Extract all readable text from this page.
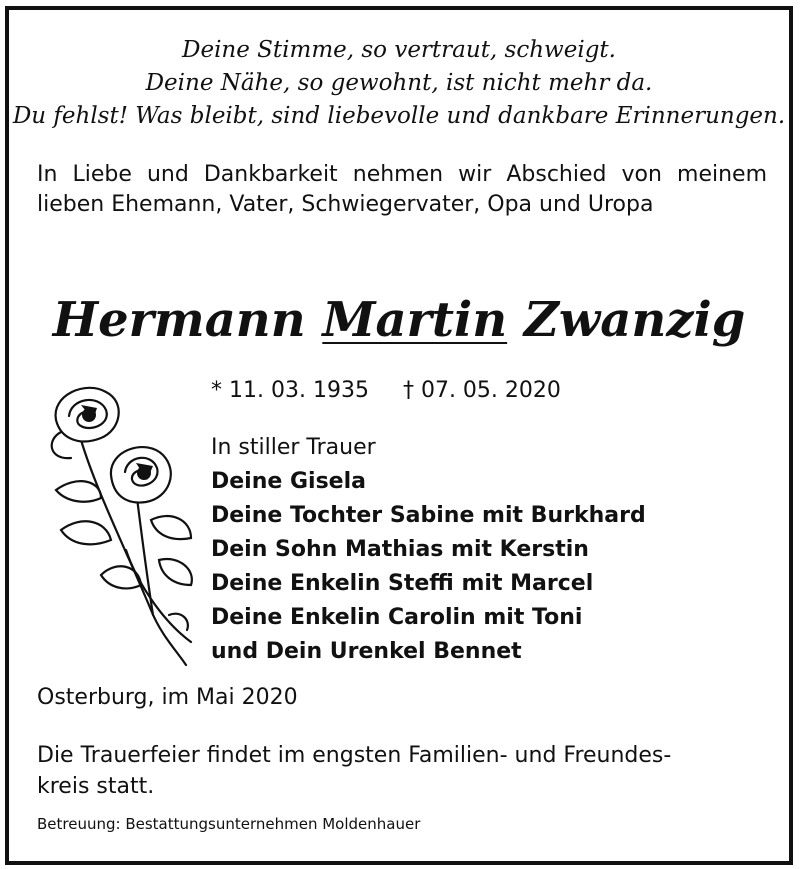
Deine Stimme, so vertraut, schweigt.
Deine Nähe, so gewohnt, ist nicht mehr da.
Du fehlst! Was bleibt, sind liebevolle und dankbare Erinnerungen.
In Liebe und Dankbarkeit nehmen wir Abschied von meinem lieben Ehemann, Vater, Schwiegervater, Opa und Uropa
Hermann Martin Zwanzig
* 11. 03. 1935 † 07. 05. 2020
In stiller Trauer
Deine Gisela
Deine Tochter Sabine mit Burkhard
Dein Sohn Mathias mit Kerstin
Deine Enkelin Steffi mit Marcel
Deine Enkelin Carolin mit Toni
und Dein Urenkel Bennet
Osterburg, im Mai 2020
Die Trauerfeier findet im engsten Familien- und Freundes-
kreis statt.
Betreuung: Bestattungsunternehmen Moldenhauer
